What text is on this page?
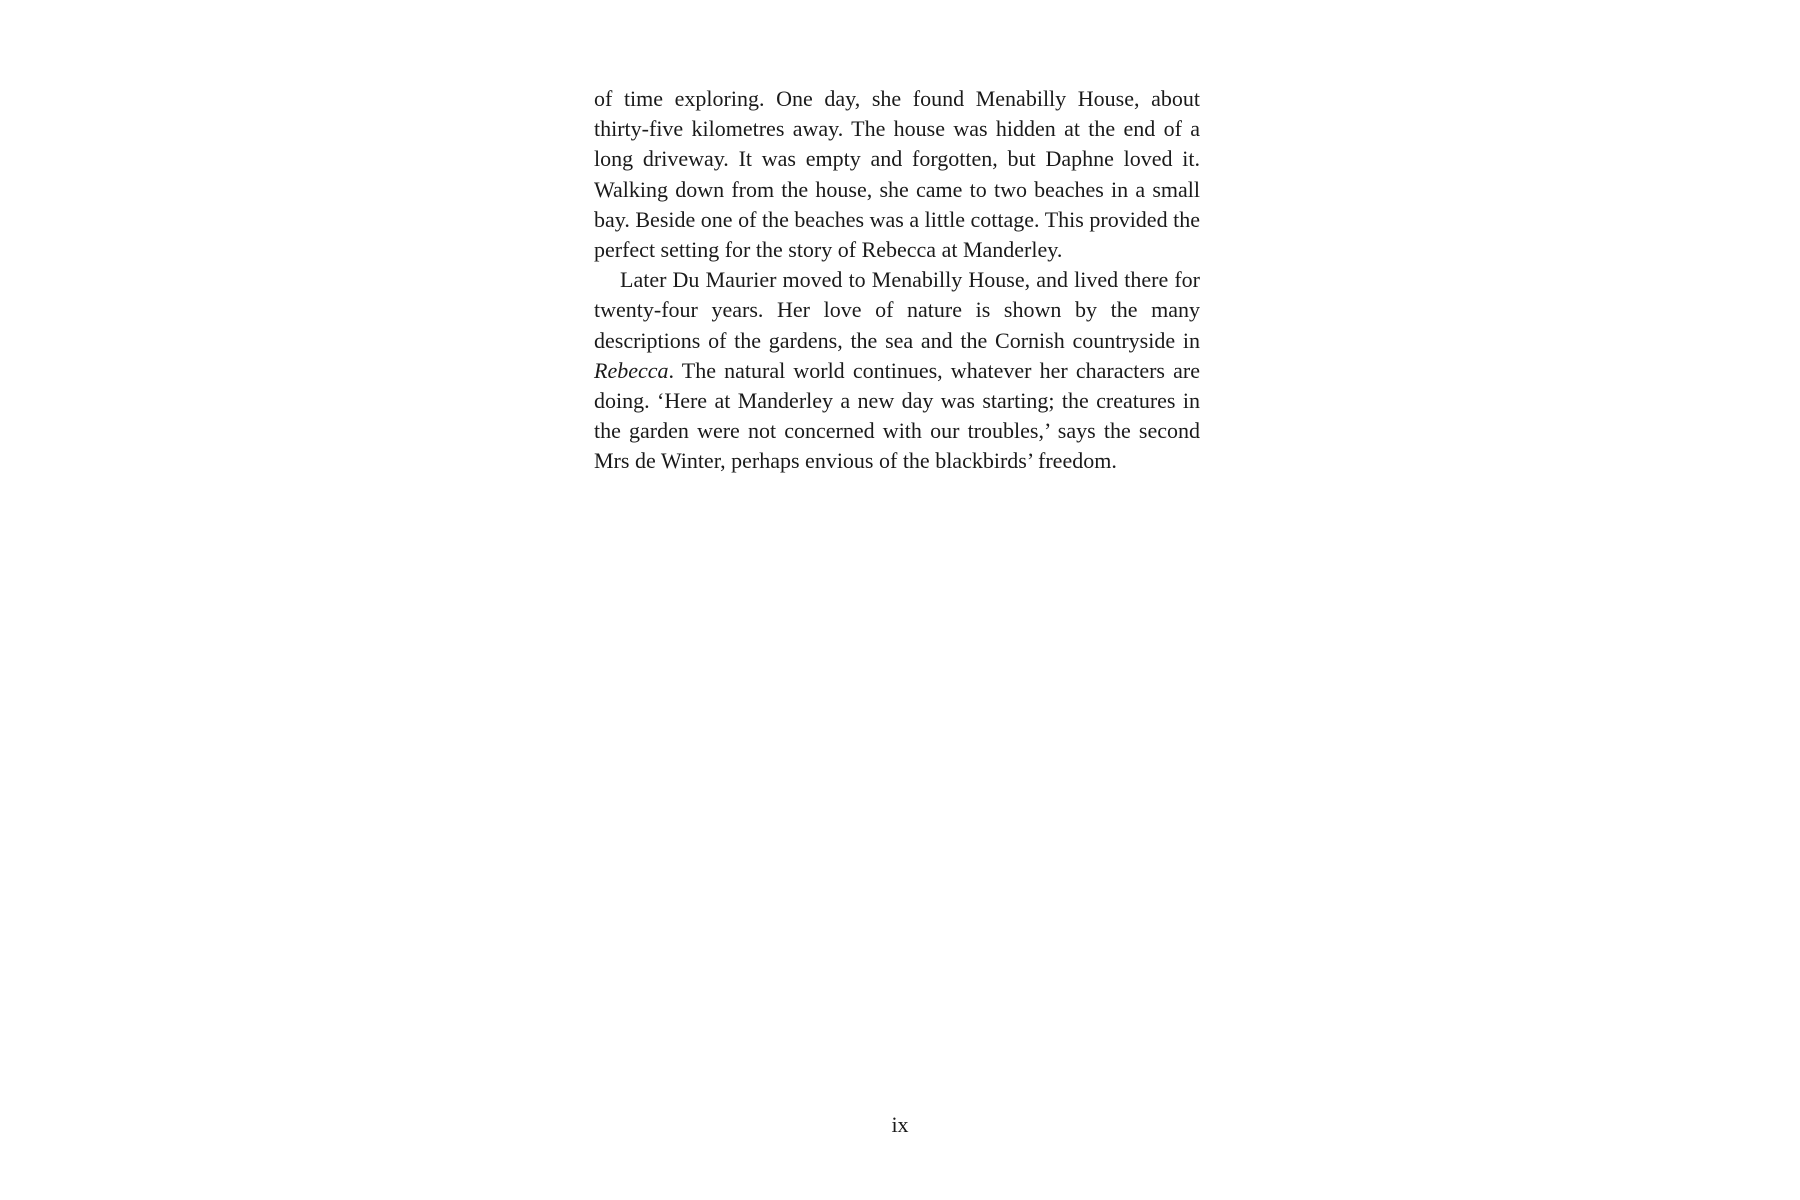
of time exploring. One day, she found Menabilly House, about thirty-five kilometres away. The house was hidden at the end of a long driveway. It was empty and forgotten, but Daphne loved it. Walking down from the house, she came to two beaches in a small bay. Beside one of the beaches was a little cottage. This provided the perfect setting for the story of Rebecca at Manderley.

Later Du Maurier moved to Menabilly House, and lived there for twenty-four years. Her love of nature is shown by the many descriptions of the gardens, the sea and the Cornish countryside in Rebecca. The natural world continues, whatever her characters are doing. ‘Here at Manderley a new day was starting; the creatures in the garden were not concerned with our troubles,’ says the second Mrs de Winter, perhaps envious of the blackbirds’ freedom.

ix
